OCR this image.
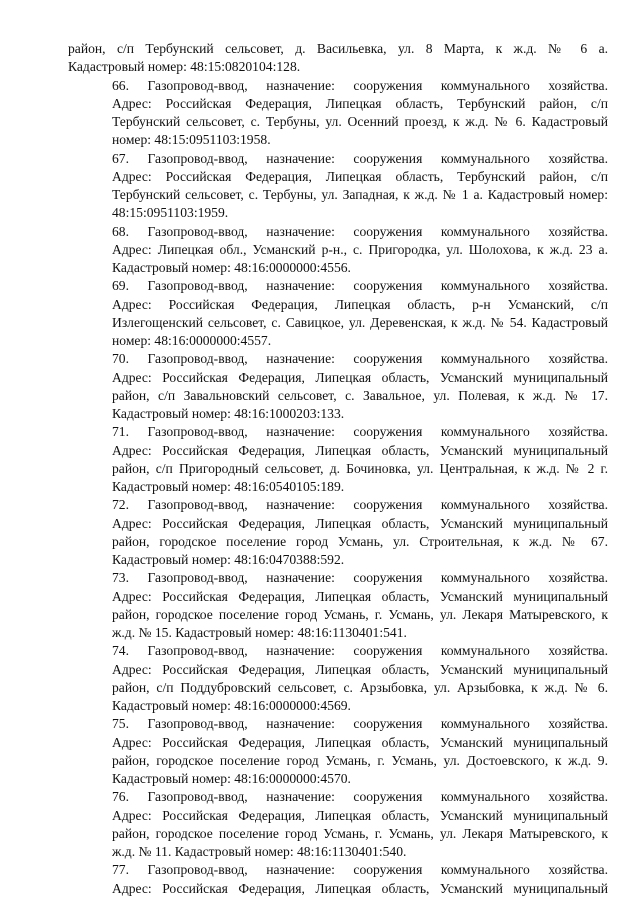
район, с/п Тербунский сельсовет, д. Васильевка, ул. 8 Марта, к ж.д. № 6 а.
Кадастровый номер: 48:15:0820104:128.

66. Газопровод-ввод, назначение: сооружения коммунального хозяйства.
Адрес: Российская Федерация, Липецкая область, Тербунский район, с/п
Тербунский сельсовет, с. Тербуны, ул. Осенний проезд, к ж.д. № 6. Кадастровый
номер: 48:15:0951103:1958.

67. Газопровод-ввод, назначение: сооружения коммунального хозяйства.
Адрес: Российская Федерация, Липецкая область, Тербунский район, с/п
Тербунский сельсовет, с. Тербуны, ул. Западная, к ж.д. № 1 а. Кадастровый номер:
48:15:0951103:1959.

68. Газопровод-ввод, назначение: сооружения коммунального хозяйства.
Адрес: Липецкая обл., Усманский р-н., с. Пригородка, ул. Шолохова, к ж.д. 23 а.
Кадастровый номер: 48:16:0000000:4556.

69. Газопровод-ввод, назначение: сооружения коммунального хозяйства.
Адрес: Российская Федерация, Липецкая область, р-н Усманский, с/п
Излегощенский сельсовет, с. Савицкое, ул. Деревенская, к ж.д. № 54. Кадастровый
номер: 48:16:0000000:4557.

70. Газопровод-ввод, назначение: сооружения коммунального хозяйства.
Адрес: Российская Федерация, Липецкая область, Усманский муниципальный
район, с/п Завальновский сельсовет, с. Завальное, ул. Полевая, к ж.д. № 17.
Кадастровый номер: 48:16:1000203:133.

71. Газопровод-ввод, назначение: сооружения коммунального хозяйства.
Адрес: Российская Федерация, Липецкая область, Усманский муниципальный
район, с/п Пригородный сельсовет, д. Бочиновка, ул. Центральная, к ж.д. № 2 г.
Кадастровый номер: 48:16:0540105:189.

72. Газопровод-ввод, назначение: сооружения коммунального хозяйства.
Адрес: Российская Федерация, Липецкая область, Усманский муниципальный
район, городское поселение город Усмань, ул. Строительная, к ж.д. № 67.
Кадастровый номер: 48:16:0470388:592.

73. Газопровод-ввод, назначение: сооружения коммунального хозяйства.
Адрес: Российская Федерация, Липецкая область, Усманский муниципальный
район, городское поселение город Усмань, г. Усмань, ул. Лекаря Матыревского, к
ж.д. № 15. Кадастровый номер: 48:16:1130401:541.

74. Газопровод-ввод, назначение: сооружения коммунального хозяйства.
Адрес: Российская Федерация, Липецкая область, Усманский муниципальный
район, с/п Поддубровский сельсовет, с. Арзыбовка, ул. Арзыбовка, к ж.д. № 6.
Кадастровый номер: 48:16:0000000:4569.

75. Газопровод-ввод, назначение: сооружения коммунального хозяйства.
Адрес: Российская Федерация, Липецкая область, Усманский муниципальный
район, городское поселение город Усмань, г. Усмань, ул. Достоевского, к ж.д. 9.
Кадастровый номер: 48:16:0000000:4570.

76. Газопровод-ввод, назначение: сооружения коммунального хозяйства.
Адрес: Российская Федерация, Липецкая область, Усманский муниципальный
район, городское поселение город Усмань, г. Усмань, ул. Лекаря Матыревского, к
ж.д. № 11. Кадастровый номер: 48:16:1130401:540.

77. Газопровод-ввод, назначение: сооружения коммунального хозяйства.
Адрес: Российская Федерация, Липецкая область, Усманский муниципальный
